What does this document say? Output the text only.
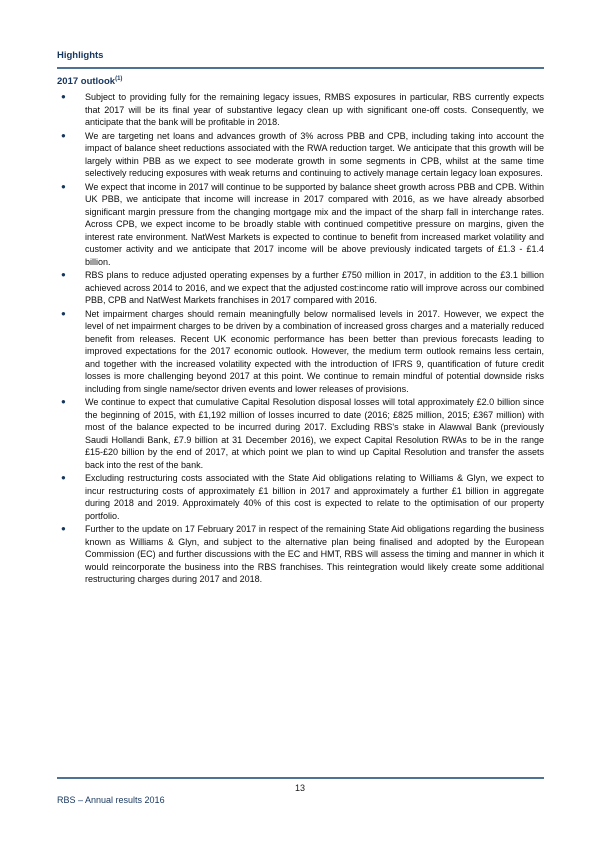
Highlights
2017 outlook$^{(1)}$
●	Subject to providing fully for the remaining legacy issues, RMBS exposures in particular, RBS currently expects that 2017 will be its final year of substantive legacy clean up with significant one-off costs. Consequently, we anticipate that the bank will be profitable in 2018.

●	We are targeting net loans and advances growth of 3% across PBB and CPB, including taking into account the impact of balance sheet reductions associated with the RWA reduction target. We anticipate that this growth will be largely within PBB as we expect to see moderate growth in some segments in CPB, whilst at the same time selectively reducing exposures with weak returns and continuing to actively manage certain legacy loan exposures.

●	We expect that income in 2017 will continue to be supported by balance sheet growth across PBB and CPB. Within UK PBB, we anticipate that income will increase in 2017 compared with 2016, as we have already absorbed significant margin pressure from the changing mortgage mix and the impact of the sharp fall in interchange rates. Across CPB, we expect income to be broadly stable with continued competitive pressure on margins, given the interest rate environment. NatWest Markets is expected to continue to benefit from increased market volatility and customer activity and we anticipate that 2017 income will be above previously indicated targets of £1.3 - £1.4 billion.

●	RBS plans to reduce adjusted operating expenses by a further £750 million in 2017, in addition to the £3.1 billion achieved across 2014 to 2016, and we expect that the adjusted cost:income ratio will improve across our combined PBB, CPB and NatWest Markets franchises in 2017 compared with 2016.

●	Net impairment charges should remain meaningfully below normalised levels in 2017. However, we expect the level of net impairment charges to be driven by a combination of increased gross charges and a materially reduced benefit from releases. Recent UK economic performance has been better than previous forecasts leading to improved expectations for the 2017 economic outlook. However, the medium term outlook remains less certain, and together with the increased volatility expected with the introduction of IFRS 9, quantification of future credit losses is more challenging beyond 2017 at this point. We continue to remain mindful of potential downside risks including from single name/sector driven events and lower releases of provisions.

●	We continue to expect that cumulative Capital Resolution disposal losses will total approximately £2.0 billion since the beginning of 2015, with £1,192 million of losses incurred to date (2016; £825 million, 2015; £367 million) with most of the balance expected to be incurred during 2017. Excluding RBS's stake in Alawwal Bank (previously Saudi Hollandi Bank, £7.9 billion at 31 December 2016), we expect Capital Resolution RWAs to be in the range £15-£20 billion by the end of 2017, at which point we plan to wind up Capital Resolution and transfer the assets back into the rest of the bank.

●	Excluding restructuring costs associated with the State Aid obligations relating to Williams & Glyn, we expect to incur restructuring costs of approximately £1 billion in 2017 and approximately a further £1 billion in aggregate during 2018 and 2019. Approximately 40% of this cost is expected to relate to the optimisation of our property portfolio.

●	Further to the update on 17 February 2017 in respect of the remaining State Aid obligations regarding the business known as Williams & Glyn, and subject to the alternative plan being finalised and adopted by the European Commission (EC) and further discussions with the EC and HMT, RBS will assess the timing and manner in which it would reincorporate the business into the RBS franchises. This reintegration would likely create some additional restructuring charges during 2017 and 2018.

13
RBS – Annual results 2016
